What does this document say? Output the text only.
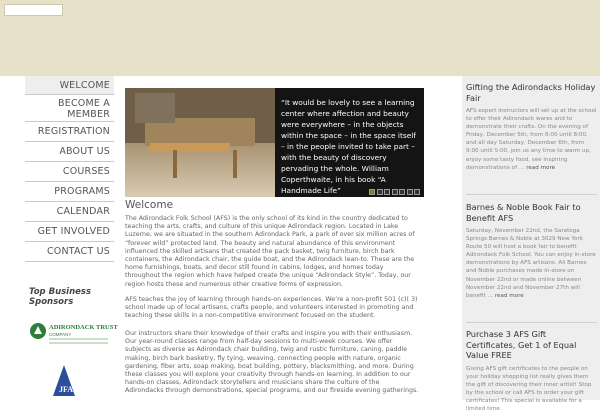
WELCOME
BECOME A
MEMBER
REGISTRATION
ABOUT US
COURSES
PROGRAMS
CALENDAR
GET INVOLVED
CONTACT US
Top Business Sponsors
ADIRONDACK TRUST
COMPANY
JFA
“It would be lovely to see a learning center where affection and beauty were everywhere – in the objects within the space – in the space itself – in the people invited to take part – with the beauty of discovery pervading the whole. William Coperthwaite, in his book “A Handmade Life”
Welcome

The Adirondack Folk School (AFS) is the only school of its kind in the country dedicated to teaching the arts, crafts, and culture of this unique Adirondack region. Located in Lake Luzerne, we are situated in the southern Adirondack Park, a park of over six million acres of “forever wild” protected land. The beauty and natural abundance of this environment influenced the skilled artisans that created the pack basket, twig furniture, birch bark containers, the Adirondack chair, the guide boat, and the Adirondack lean-to. These are the home furnishings, boats, and decor still found in cabins, lodges, and homes today throughout the region which have helped create the unique “Adirondack Style”. Today, our region hosts these and numerous other creative forms of expression.

AFS teaches the joy of learning through hands-on experiences. We’re a non-profit 501 (c)( 3) school made up of local artisans, crafts people, and volunteers interested in promoting and teaching these skills in a non-competitive environment focused on the student.

Our instructors share their knowledge of their crafts and inspire you with their enthusiasm. Our year-round classes range from half-day sessions to multi-week courses. We offer subjects as diverse as Adirondack chair building, twig and rustic furniture, caning, paddle making, birch bark basketry, fly tying, weaving, connecting people with nature, organic gardening, fiber arts, soap making, boat building, pottery, blacksmithing, and more. During these classes you will explore your creativity through hands-on learning. In addition to our hands-on classes, Adirondack storytellers and musicians share the culture of the Adirondacks through demonstrations, special programs, and our fireside evening gatherings.

Gifting the Adirondacks Holiday Fair
AFS expert instructors will set up at the school to offer their Adirondack wares and to demonstrate their crafts. On the evening of Friday, December 5th, from 6:00 until 8:00, and all day Saturday, December 6th, from 9:00 until 5:00, join us any time to warm up, enjoy some tasty food, see inspiring demonstrations of … read more
Barnes & Noble Book Fair to Benefit AFS
Saturday, November 22nd, the Saratoga Springs Barnes & Noble at 3029 New York Route 50 will host a book fair to benefit Adirondack Folk School. You can enjoy in-store demonstrations by AFS artisans. All Barnes and Noble purchases made in-store on November 22nd or made online between November 22nd and November 27th will benefit … read more
Purchase 3 AFS Gift Certificates, Get 1 of Equal Value FREE
Giving AFS gift certificates to the people on your holiday shopping list really gives them the gift of discovering their inner artist! Stop by the school or call AFS to order your gift certificates! This special is available for a limited time.
